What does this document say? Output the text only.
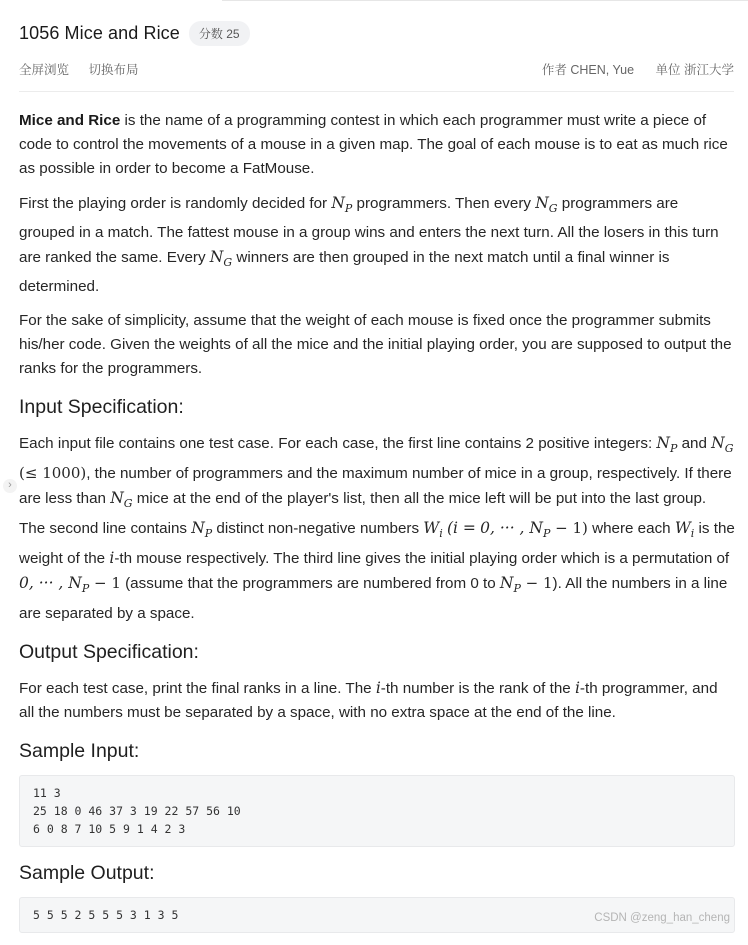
1056 Mice and Rice	分数 25
全屏浏览 切换布局	作者 CHEN, Yue 单位 浙江大学
›

Mice and Rice is the name of a programming contest in which each programmer must write a piece of code to control the movements of a mouse in a given map. The goal of each mouse is to eat as much rice as possible in order to become a FatMouse.

First the playing order is randomly decided for $N_P$ programmers. Then every $N_G$ programmers are grouped in a match. The fattest mouse in a group wins and enters the next turn. All the losers in this turn are ranked the same. Every $N_G$ winners are then grouped in the next match until a final winner is determined.

For the sake of simplicity, assume that the weight of each mouse is fixed once the programmer submits his/her code. Given the weights of all the mice and the initial playing order, you are supposed to output the ranks for the programmers.

Input Specification:

Each input file contains one test case. For each case, the first line contains 2 positive integers: $N_P$ and $N_G$ (≤ 1000), the number of programmers and the maximum number of mice in a group, respectively. If there are less than $N_G$ mice at the end of the player's list, then all the mice left will be put into the last group. The second line contains $N_P$ distinct non-negative numbers $W_i$ (i = 0, ··· , $N_P - 1$) where each $W_i$ is the weight of the i-th mouse respectively. The third line gives the initial playing order which is a permutation of 0, ··· , $N_P - 1$ (assume that the programmers are numbered from 0 to $N_P - 1$). All the numbers in a line are separated by a space.

Output Specification:

For each test case, print the final ranks in a line. The i-th number is the rank of the i-th programmer, and all the numbers must be separated by a space, with no extra space at the end of the line.

Sample Input:
11 3
25 18 0 46 37 3 19 22 57 56 10
6 0 8 7 10 5 9 1 4 2 3
Sample Output:
5 5 5 2 5 5 5 3 1 3 5	CSDN @zeng_han_cheng
